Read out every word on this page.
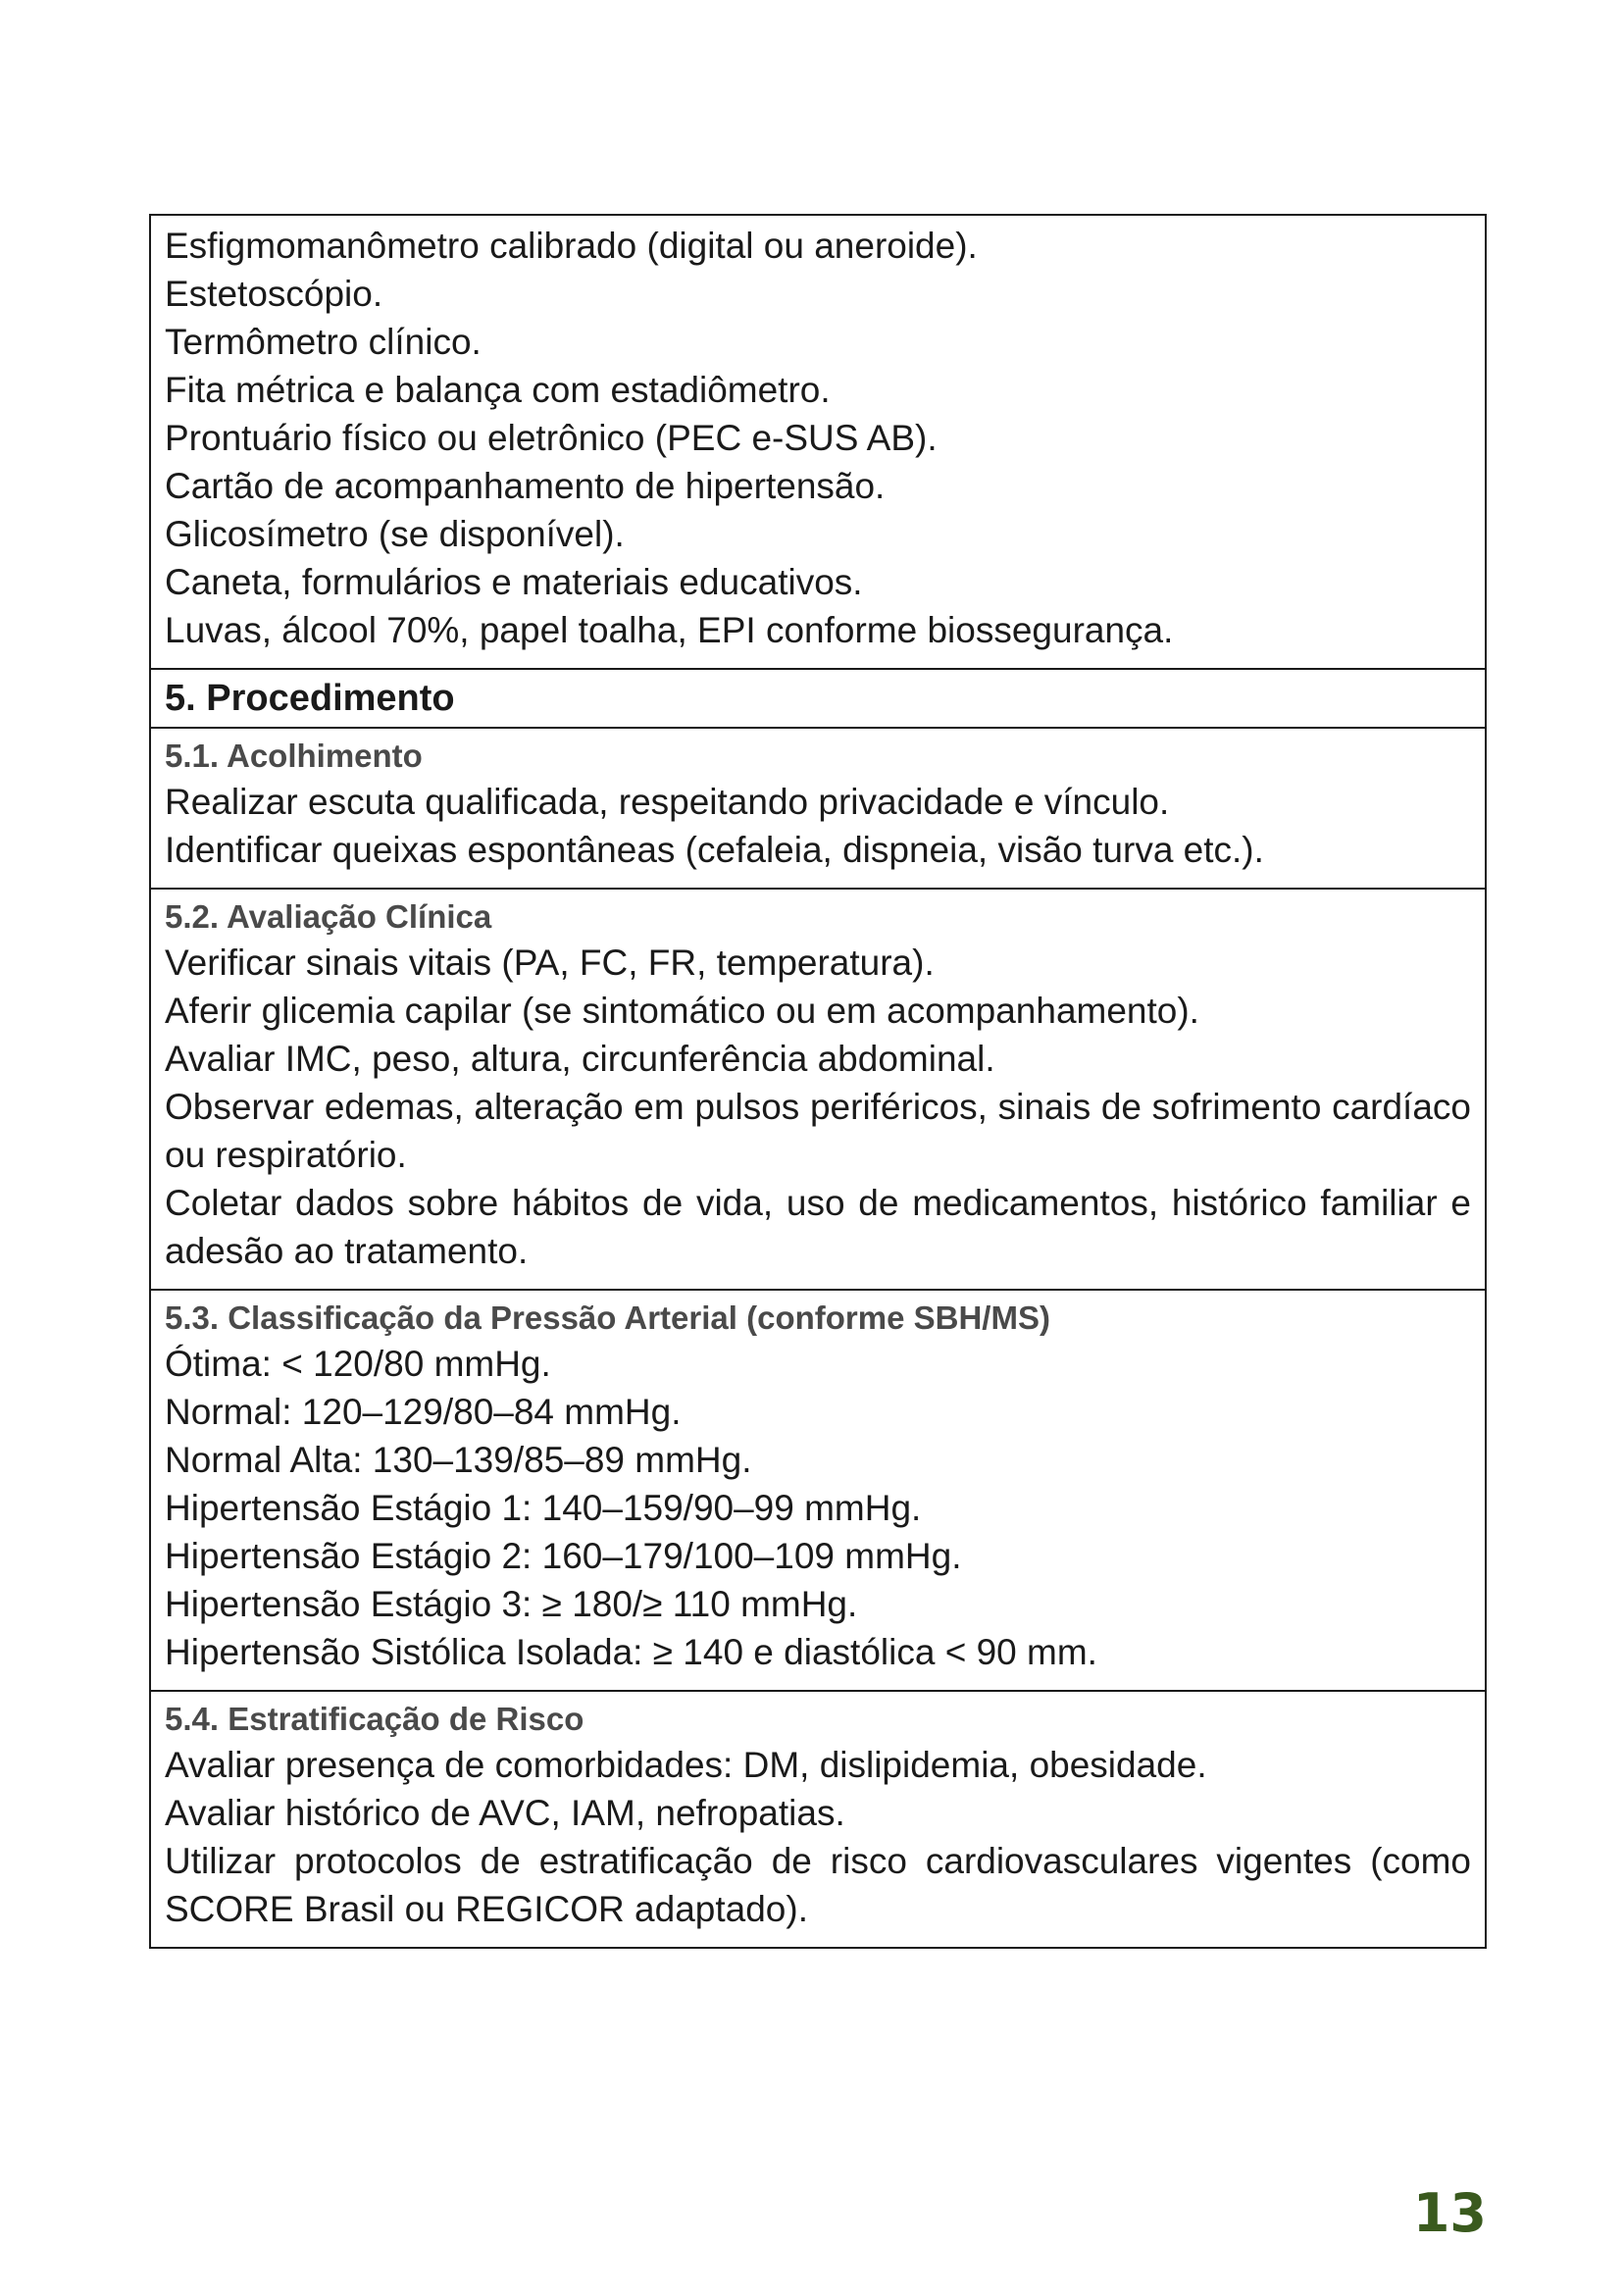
Esfigmomanômetro calibrado (digital ou aneroide).

Estetoscópio.

Termômetro clínico.

Fita métrica e balança com estadiômetro.

Prontuário físico ou eletrônico (PEC e-SUS AB).

Cartão de acompanhamento de hipertensão.

Glicosímetro (se disponível).

Caneta, formulários e materiais educativos.

Luvas, álcool 70%, papel toalha, EPI conforme biossegurança.

5. Procedimento

5.1. Acolhimento

Realizar escuta qualificada, respeitando privacidade e vínculo.

Identificar queixas espontâneas (cefaleia, dispneia, visão turva etc.).

5.2. Avaliação Clínica

Verificar sinais vitais (PA, FC, FR, temperatura).

Aferir glicemia capilar (se sintomático ou em acompanhamento).

Avaliar IMC, peso, altura, circunferência abdominal.

Observar edemas, alteração em pulsos periféricos, sinais de sofrimento cardíaco ou respiratório.

Coletar dados sobre hábitos de vida, uso de medicamentos, histórico familiar e adesão ao tratamento.

5.3. Classificação da Pressão Arterial (conforme SBH/MS)

Ótima: < 120/80 mmHg.

Normal: 120–129/80–84 mmHg.

Normal Alta: 130–139/85–89 mmHg.

Hipertensão Estágio 1: 140–159/90–99 mmHg.

Hipertensão Estágio 2: 160–179/100–109 mmHg.

Hipertensão Estágio 3: ≥ 180/≥ 110 mmHg.

Hipertensão Sistólica Isolada: ≥ 140 e diastólica < 90 mm.

5.4. Estratificação de Risco

Avaliar presença de comorbidades: DM, dislipidemia, obesidade.

Avaliar histórico de AVC, IAM, nefropatias.

Utilizar protocolos de estratificação de risco cardiovasculares vigentes (como SCORE Brasil ou REGICOR adaptado).

13
